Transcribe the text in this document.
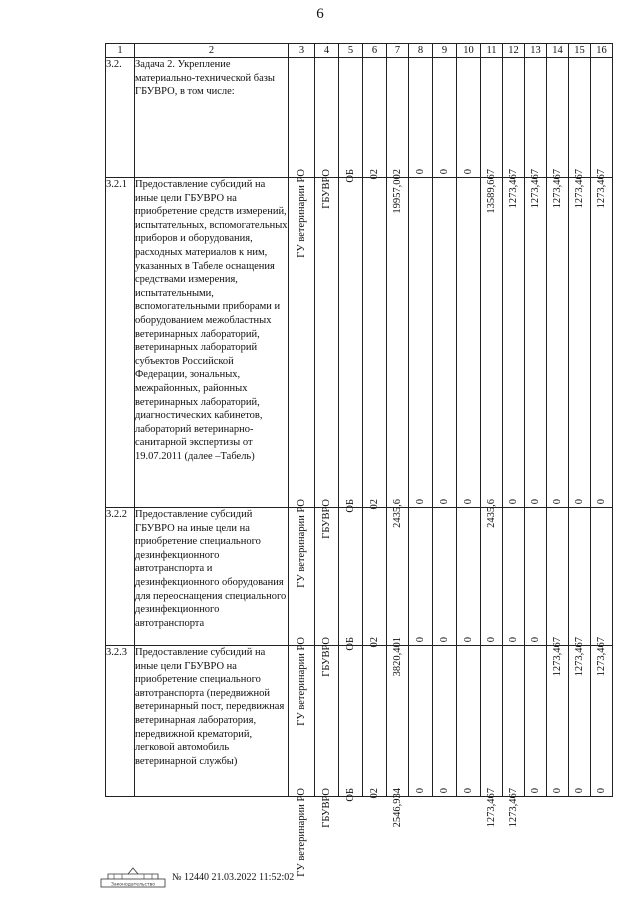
6
1	2	3	4	5	6	7	8	9	10	11	12	13	14	15	16
3.2.	Задача 2. Укрепление материально-технической базы ГБУВРО, в том числе:	ГУ ветеринарии РО	ГБУВРО	ОБ	02	19957,002	0	0	0	13589,667	1273,467	1273,467	1273,467	1273,467	1273,467

3.2.1	Предоставление субсидий на иные цели ГБУВРО на приобретение средств измерений, испытательных, вспомогательных приборов и оборудования, расходных материалов к ним, указанных в Табеле оснащения средствами измерения, испытательными, вспомогательными приборами и оборудованием межобластных ветеринарных лабораторий, ветеринарных лабораторий субъектов Российской Федерации, зональных, межрайонных, районных ветеринарных лабораторий, диагностических кабинетов, лабораторий ветеринарно-санитарной экспертизы от 19.07.2011 (далее –Табель)	ГУ ветеринарии РО	ГБУВРО	ОБ	02	2435,6	0	0	0	2435,6	0	0	0	0	0

3.2.2	Предоставление субсидий ГБУВРО на иные цели на приобретение специального дезинфекционного автотранспорта и дезинфекционного оборудования для переоснащения специального дезинфекционного автотранспорта	ГУ ветеринарии РО	ГБУВРО	ОБ	02	3820,401	0	0	0	0	0	0	1273,467	1273,467	1273,467

3.2.3	Предоставление субсидий на иные цели ГБУВРО на приобретение специального автотранспорта (передвижной ветеринарный пост, передвижная ветеринарная лаборатория, передвижной крематорий, легковой автомобиль ветеринарной службы)	ГУ ветеринарии РО	ГБУВРО	ОБ	02	2546,934	0	0	0	1273,467	1273,467	0	0	0	0
Законодательство
№ 12440 21.03.2022 11:52:02
